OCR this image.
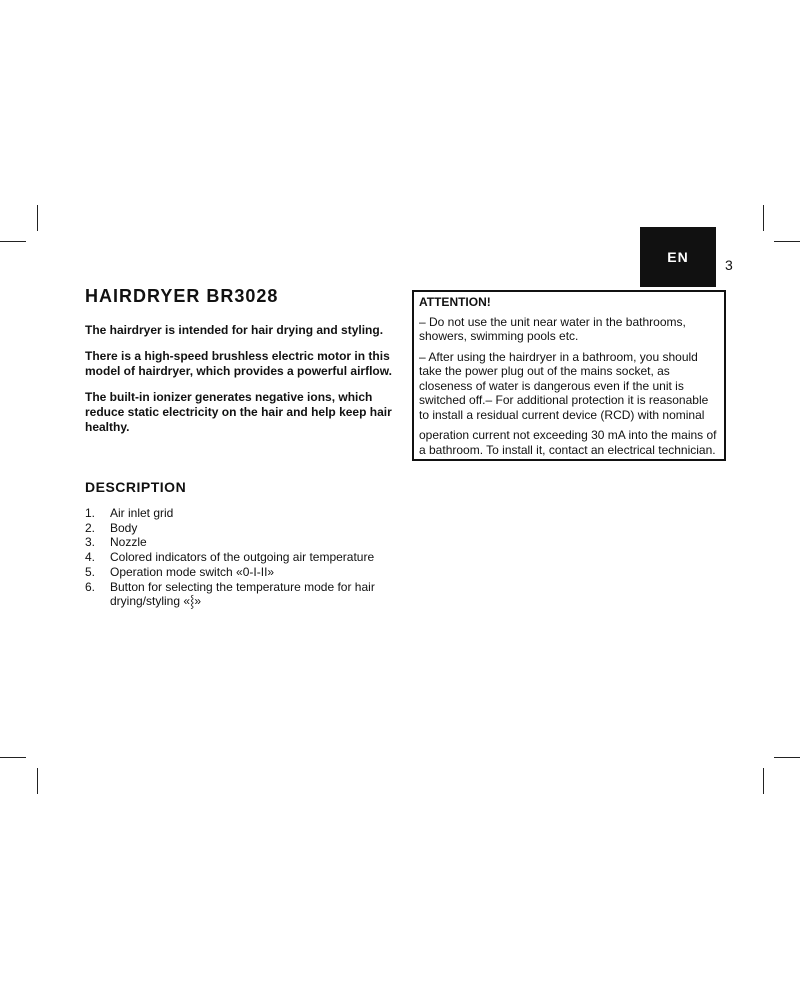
EN	3
HAIRDRYER BR3028

The hairdryer is intended for hair drying and styling.

There is a high-speed brushless electric motor in this model of hairdryer, which provides a powerful airflow.

The built-in ionizer generates negative ions, which reduce static electricity on the hair and help keep hair healthy.

DESCRIPTION
1.	Air inlet grid
2.	Body
3.	Nozzle
4.	Colored indicators of the outgoing air temperature
5.	Operation mode switch «0-I-II»
6.	Button for selecting the temperature mode for hair drying/styling «⸾»
ATTENTION!

– Do not use the unit near water in the bathrooms, showers, swimming pools etc.

– After using the hairdryer in a bathroom, you should take the power plug out of the mains socket, as closeness of water is dangerous even if the unit is switched off.– For additional protection it is reasonable to install a residual current device (RCD) with nominal

operation current not exceeding 30 mA into the mains of a bathroom. To install it, contact an electrical technician.
